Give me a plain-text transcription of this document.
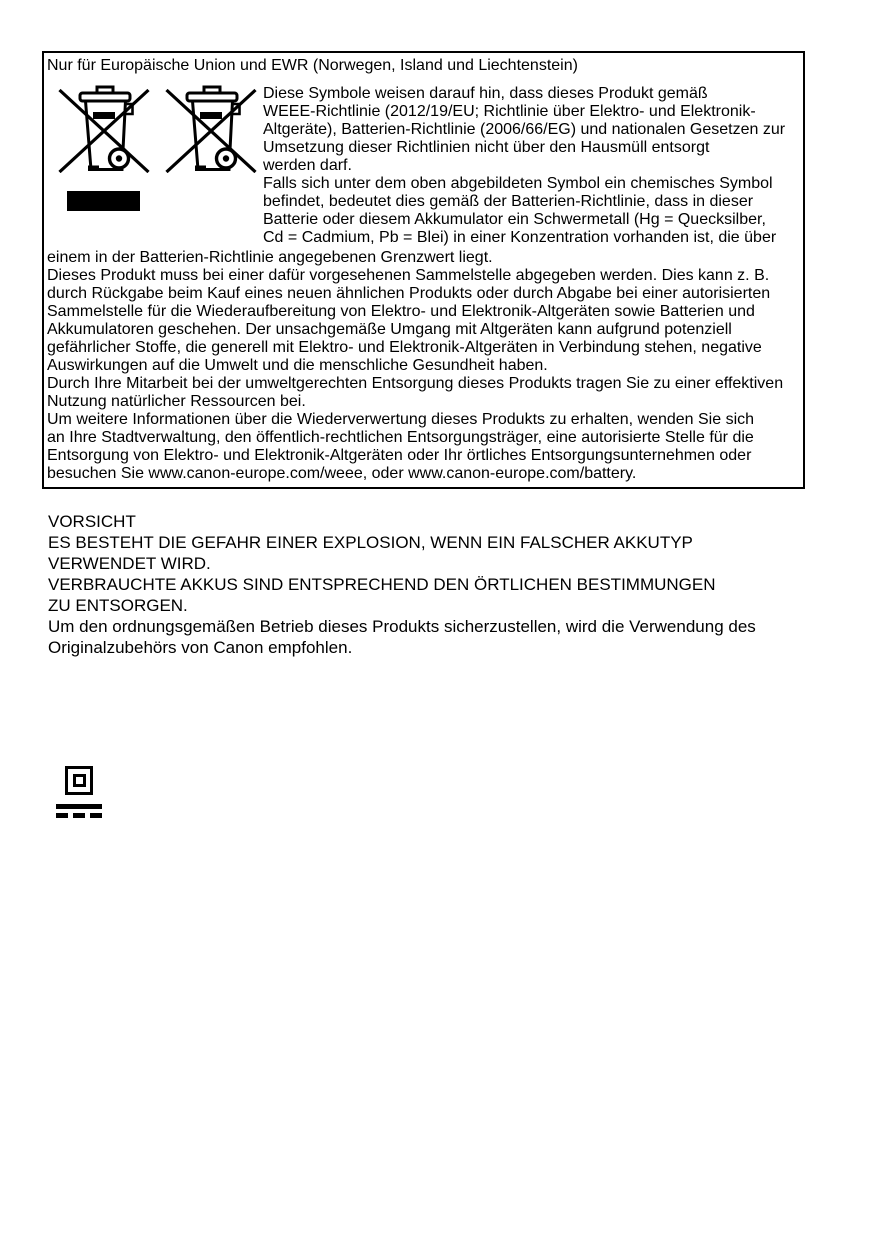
Nur für Europäische Union und EWR (Norwegen, Island und Liechtenstein)
Diese Symbole weisen darauf hin, dass dieses Produkt gemäß
WEEE-Richtlinie (2012/19/EU; Richtlinie über Elektro- und Elektronik-
Altgeräte), Batterien-Richtlinie (2006/66/EG) und nationalen Gesetzen zur
Umsetzung dieser Richtlinien nicht über den Hausmüll entsorgt
werden darf.
Falls sich unter dem oben abgebildeten Symbol ein chemisches Symbol
befindet, bedeutet dies gemäß der Batterien-Richtlinie, dass in dieser
Batterie oder diesem Akkumulator ein Schwermetall (Hg = Quecksilber,
Cd = Cadmium, Pb = Blei) in einer Konzentration vorhanden ist, die über
einem in der Batterien-Richtlinie angegebenen Grenzwert liegt.
Dieses Produkt muss bei einer dafür vorgesehenen Sammelstelle abgegeben werden. Dies kann z. B.
durch Rückgabe beim Kauf eines neuen ähnlichen Produkts oder durch Abgabe bei einer autorisierten
Sammelstelle für die Wiederaufbereitung von Elektro- und Elektronik-Altgeräten sowie Batterien und
Akkumulatoren geschehen. Der unsachgemäße Umgang mit Altgeräten kann aufgrund potenziell
gefährlicher Stoffe, die generell mit Elektro- und Elektronik-Altgeräten in Verbindung stehen, negative
Auswirkungen auf die Umwelt und die menschliche Gesundheit haben.
Durch Ihre Mitarbeit bei der umweltgerechten Entsorgung dieses Produkts tragen Sie zu einer effektiven
Nutzung natürlicher Ressourcen bei.
Um weitere Informationen über die Wiederverwertung dieses Produkts zu erhalten, wenden Sie sich
an Ihre Stadtverwaltung, den öffentlich-rechtlichen Entsorgungsträger, eine autorisierte Stelle für die
Entsorgung von Elektro- und Elektronik-Altgeräten oder Ihr örtliches Entsorgungsunternehmen oder
besuchen Sie www.canon-europe.com/weee, oder www.canon-europe.com/battery.
VORSICHT
ES BESTEHT DIE GEFAHR EINER EXPLOSION, WENN EIN FALSCHER AKKUTYP
VERWENDET WIRD.
VERBRAUCHTE AKKUS SIND ENTSPRECHEND DEN ÖRTLICHEN BESTIMMUNGEN
ZU ENTSORGEN.
Um den ordnungsgemäßen Betrieb dieses Produkts sicherzustellen, wird die Verwendung des
Originalzubehörs von Canon empfohlen.
